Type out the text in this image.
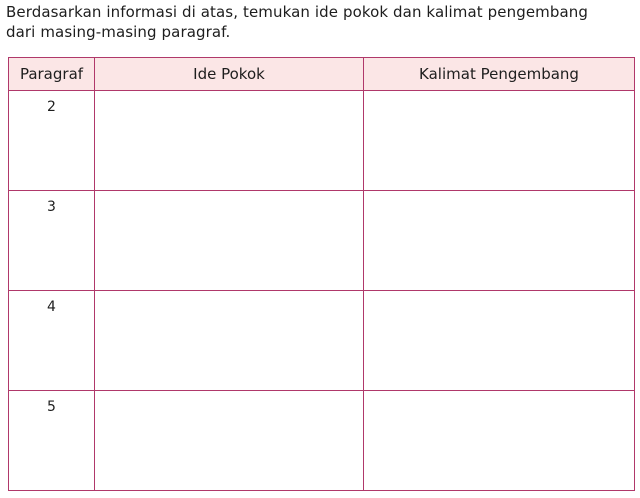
Berdasarkan informasi di atas, temukan ide pokok dan kalimat pengembang
dari masing-masing paragraf.

Paragraf	Ide Pokok	Kalimat Pengembang

2		

3		

4		

5		
